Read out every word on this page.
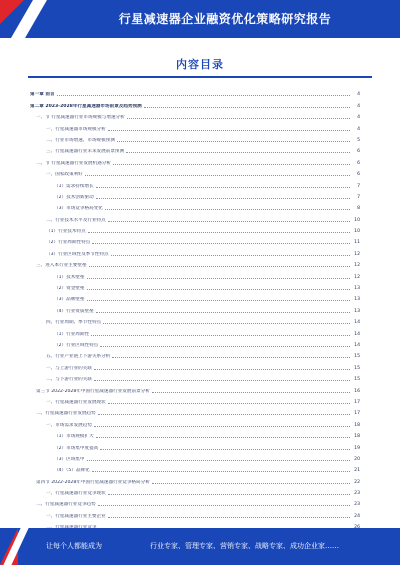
行星减速器企业融资优化策略研究报告
内容目录
第一章 前言	4
第二章 2023-2028年行星减速器市场前景及趋势预测	4
一、节 行星减速器行业市场规模与增速分析	4
一、行星减速器市场规模分析	4
二、行业市场增速、市场规模预测	5
三、行星减速器行业未来发展前景预测	6
二、节 行星减速器行业发展机遇分析	6
一、国家政策利好	6
（1）需求持续增长	7
（2）技术创新驱动	7
（3）市场竞争格局变化	8
二、行业技术水平及行业特点	10
（1）行业技术特点	10
（2）行业周期性特点	11
（3）行业区域性及季节性特点	12
三、进入本行业主要壁垒	12
（1）技术壁垒	12
（2）资金壁垒	13
（3）品牌壁垒	13
（4）行业资质壁垒	13
四、行业周期、季节性特点	14
（1）行业周期性	14
（2）行业区域性特点	14
五、行业产业链上下游关系分析	15
一、与上游行业的关联	15
二、与下游行业的关联	15
第三节 2022-2028年中国行星减速器行业发展前景分析	16
一、行星减速器行业发展现状	17
二、行星减速器行业发展趋势	17
一、市场需求发展趋势	18
（1）市场规模扩大	18
（2）市场集中度提高	19
（3）区域集中	20
（4）（5）品牌化	21
第四节 2022-2028年中国行星减速器行业竞争格局分析	22
一、行星减速器行业竞争现状	23
二、行星减速器行业竞争趋势	23
一、行星减速器行业主要企业	24
让每个人都能成为	行业专家、管理专家、营销专家、战略专家、成功企业家……
